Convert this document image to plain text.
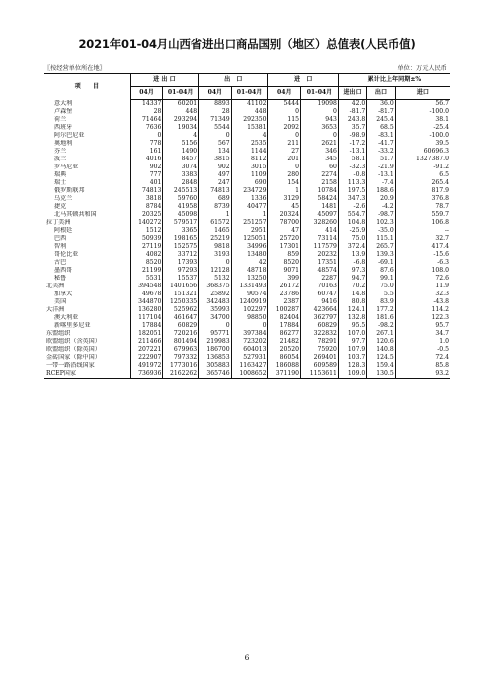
2021年01-04月山西省进出口商品国别（地区）总值表(人民币值)
〖按经营单位所在地〗	单位：万元人民币
项　　目	进 出 口		出　口		进　口		累计比上年同期±%		
	04月	01-04月	04月	01-04月	04月	01-04月	进出口	出口	进口
意大利	14337	60201	8893	41102	5444	19098	42.0	36.0	56.7
卢森堡	28	448	28	448	0	0	-81.7	-81.7	-100.0
荷兰	71464	293294	71349	292350	115	943	243.8	245.4	38.1
西班牙	7636	19034	5544	15381	2092	3653	35.7	68.5	-25.4
阿尔巴尼亚	0	4	0	4	0	0	-98.9	-83.1	-100.0
奥地利	778	5156	567	2535	211	2621	-17.2	-41.7	39.5
芬兰	161	1490	134	1144	27	346	-13.1	-33.2	60696.3
波兰	4016	8457	3815	8112	201	345	58.1	51.7	1327387.0
罗马尼亚	902	3074	902	3015	0	60	-32.3	-21.9	-91.2
瑞典	777	3383	497	1109	280	2274	-0.8	-13.1	6.5
瑞士	401	2848	247	690	154	2158	113.3	-7.4	265.4
俄罗斯联邦	74813	245513	74813	234729	1	10784	197.5	188.6	817.9
乌克兰	3818	59760	689	1336	3129	58424	347.3	20.9	376.8
捷克	8784	41958	8739	40477	45	1481	-2.6	-4.2	78.7
北马其顿共和国	20325	45098	1	1	20324	45097	554.7	-98.7	559.7
拉丁美洲	140272	579517	61572	251257	78700	328260	104.8	102.3	106.8
阿根廷	1512	3365	1465	2951	47	414	-25.9	-35.0	--
巴西	50939	198165	25219	125051	25720	73114	75.0	115.1	32.7
智利	27119	152575	9818	34996	17301	117579	372.4	265.7	417.4
哥伦比亚	4082	33712	3193	13480	859	20232	13.9	139.3	-15.6
古巴	8520	17393	0	42	8520	17351	-6.8	-69.1	-6.3
墨西哥	21199	97293	12128	48718	9071	48574	97.3	87.6	108.0
秘鲁	5531	15537	5132	13250	399	2287	94.7	99.1	72.6
北美洲	394548	1401656	368375	1331493	26172	70163	70.2	75.0	11.9
加拿大	49678	151321	25892	90574	23786	60747	14.8	5.5	32.3
美国	344870	1250335	342483	1240919	2387	9416	80.8	83.9	-43.8
大洋洲	136280	525962	35993	102297	100287	423664	124.1	177.2	114.2
澳大利亚	117104	461647	34700	98850	82404	362797	132.8	181.6	122.3
新喀里多尼亚	17884	60829	0	0	17884	60829	95.5	-98.2	95.7
东盟组织	182051	720216	95771	397384	86277	322832	107.0	267.1	34.7
欧盟组织（含英国）	211466	801494	219983	723202	21482	78291	97.7	120.6	1.0
欧盟组织（除英国）	207221	679963	186700	604013	20520	75920	107.9	140.8	-0.5
金砖国家（除中国）	222907	797332	136853	527931	86054	269401	103.7	124.5	72.4
一带一路沿线国家	491972	1773016	305883	1163427	186088	609589	128.3	159.4	85.8
RCEP国家	736936	2162262	365746	1008652	371190	1153611	109.0	130.5	93.2
6
